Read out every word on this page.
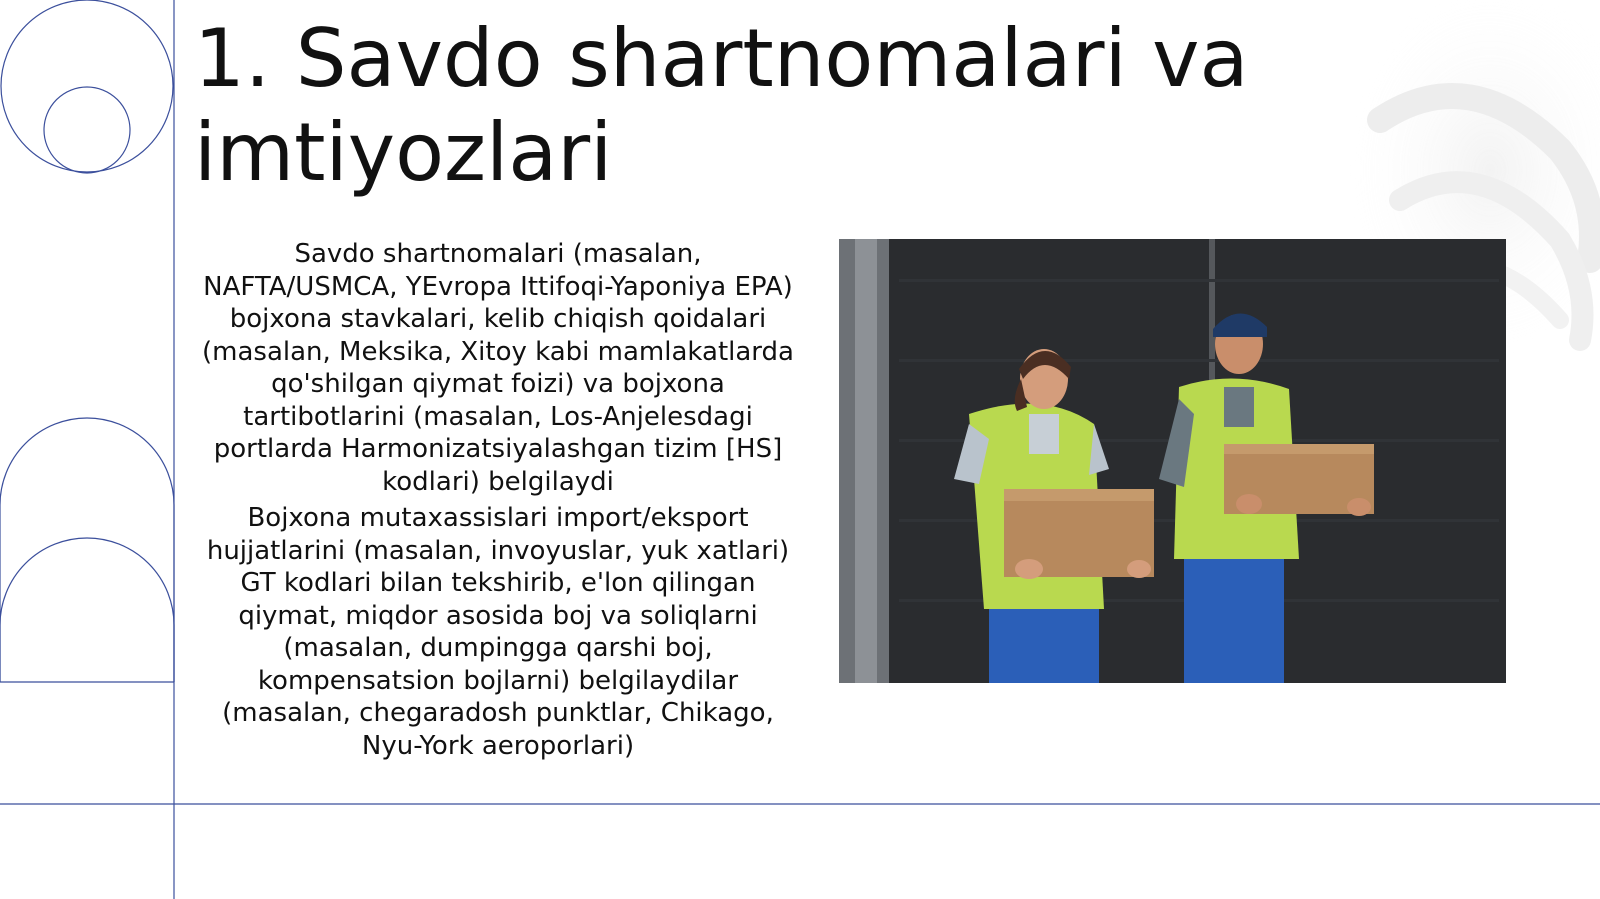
1. Savdo shartnomalari va imtiyozlari

Savdo shartnomalari (masalan, NAFTA/USMCA, YEvropa Ittifoqi-Yaponiya EPA) bojxona stavkalari, kelib chiqish qoidalari (masalan, Meksika, Xitoy kabi mamlakatlarda qo'shilgan qiymat foizi) va bojxona tartibotlarini (masalan, Los-Anjelesdagi portlarda Harmonizatsiyalashgan tizim [HS] kodlari) belgilaydi

Bojxona mutaxassislari import/eksport hujjatlarini (masalan, invoyuslar, yuk xatlari) GT kodlari bilan tekshirib, e'lon qilingan qiymat, miqdor asosida boj va soliqlarni (masalan, dumpingga qarshi boj, kompensatsion bojlarni) belgilaydilar (masalan, chegaradosh punktlar, Chikago, Nyu-York aeroporlari)
